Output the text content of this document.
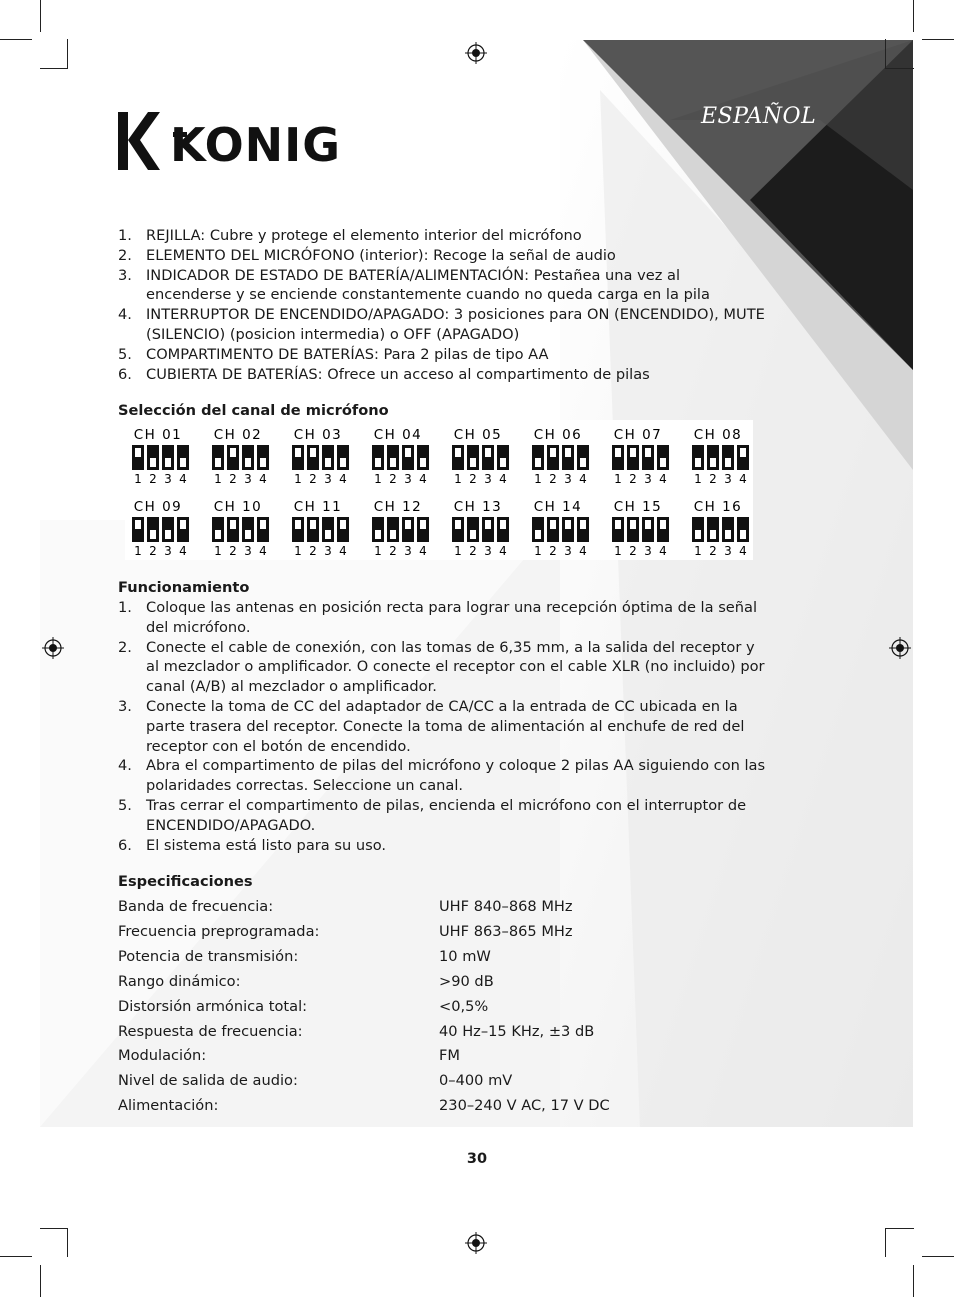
KONIG
ESPAÑOL
1. REJILLA: Cubre y protege el elemento interior del micrófono
2. ELEMENTO DEL MICRÓFONO (interior): Recoge la señal de audio
3. INDICADOR DE ESTADO DE BATERÍA/ALIMENTACIÓN: Pestañea una vez al encenderse y se enciende constantemente cuando no queda carga en la pila
4. INTERRUPTOR DE ENCENDIDO/APAGADO: 3 posiciones para ON (ENCENDIDO), MUTE (SILENCIO) (posicion intermedia) o OFF (APAGADO)
5. COMPARTIMENTO DE BATERÍAS: Para 2 pilas de tipo AA
6. CUBIERTA DE BATERÍAS: Ofrece un acceso al compartimento de pilas
Selección del canal de micrófono
CH 01
1 2 3 4
CH 02
1 2 3 4
CH 03
1 2 3 4
CH 04
1 2 3 4
CH 05
1 2 3 4
CH 06
1 2 3 4
CH 07
1 2 3 4
CH 08
1 2 3 4
CH 09
1 2 3 4
CH 10
1 2 3 4
CH 11
1 2 3 4
CH 12
1 2 3 4
CH 13
1 2 3 4
CH 14
1 2 3 4
CH 15
1 2 3 4
CH 16
1 2 3 4
Funcionamiento
1. Coloque las antenas en posición recta para lograr una recepción óptima de la señal del micrófono.
2. Conecte el cable de conexión, con las tomas de 6,35 mm, a la salida del receptor y al mezclador o amplificador. O conecte el receptor con el cable XLR (no incluido) por canal (A/B) al mezclador o amplificador.
3. Conecte la toma de CC del adaptador de CA/CC a la entrada de CC ubicada en la parte trasera del receptor. Conecte la toma de alimentación al enchufe de red del receptor con el botón de encendido.
4. Abra el compartimento de pilas del micrófono y coloque 2 pilas AA siguiendo con las polaridades correctas. Seleccione un canal.
5. Tras cerrar el compartimento de pilas, encienda el micrófono con el interruptor de ENCENDIDO/APAGADO.
6. El sistema está listo para su uso.
Especificaciones
Banda de frecuencia:	UHF 840–868 MHz
Frecuencia preprogramada:	UHF 863–865 MHz
Potencia de transmisión:	10 mW
Rango dinámico:	>90 dB
Distorsión armónica total:	<0,5%
Respuesta de frecuencia:	40 Hz–15 KHz, ±3 dB
Modulación:	FM
Nivel de salida de audio:	0–400 mV
Alimentación:	230–240 V AC, 17 V DC
30
